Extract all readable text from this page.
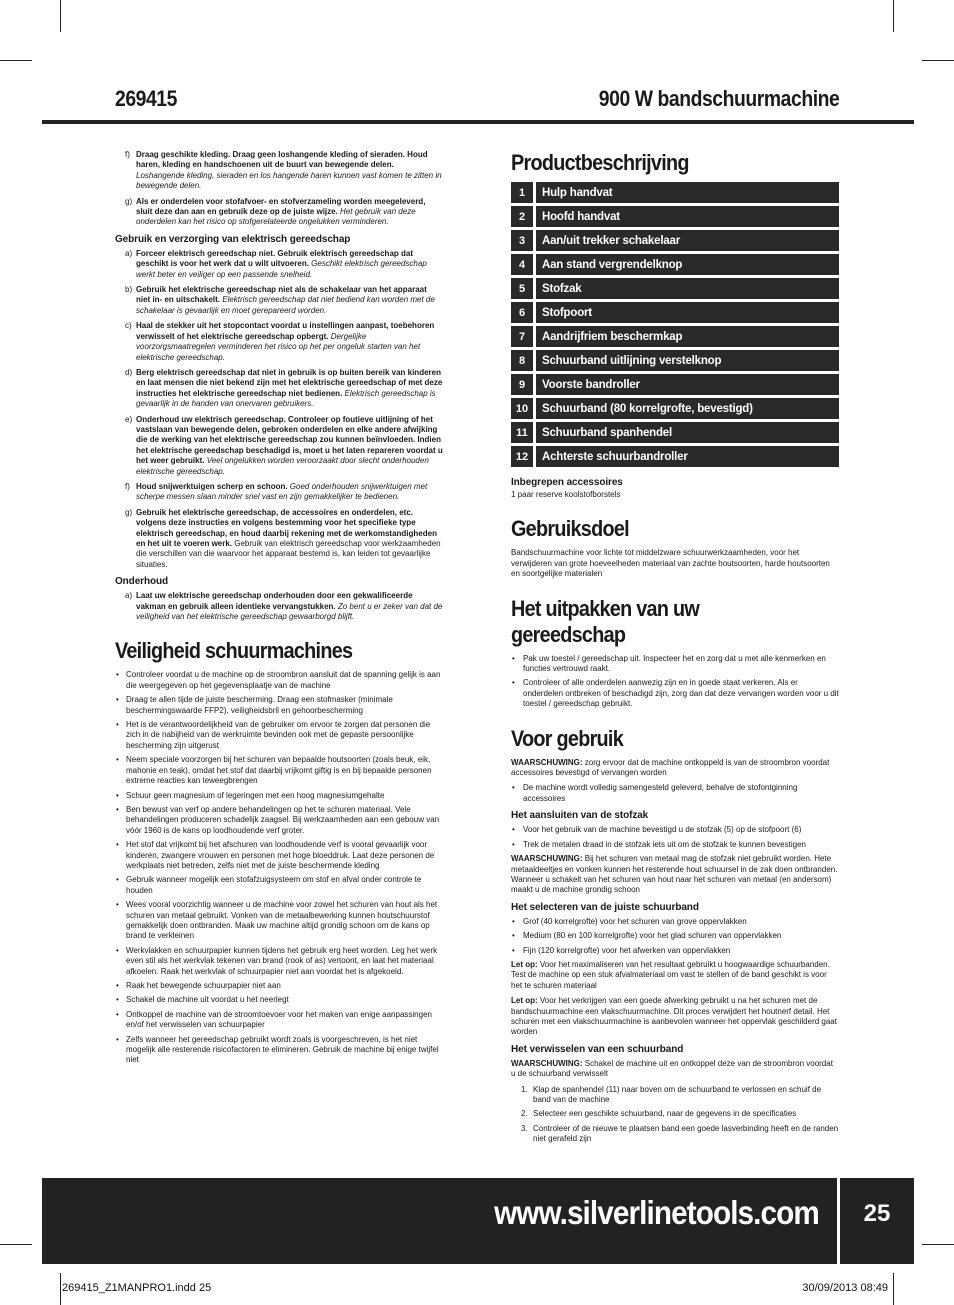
269415	900 W bandschuurmachine
f) Draag geschikte kleding. Draag geen loshangende kleding of sieraden. Houd haren, kleding en handschoenen uit de buurt van bewegende delen. Loshangende kleding, sieraden en los hangende haren kunnen vast komen te zitten in bewegende delen.
g) Als er onderdelen voor stofafvoer- en stofverzameling worden meegeleverd, sluit deze dan aan en gebruik deze op de juiste wijze. Het gebruik van deze onderdelen kan het risico op stofgerelateerde ongelukken verminderen.
Gebruik en verzorging van elektrisch gereedschap
a) Forceer elektrisch gereedschap niet. Gebruik elektrisch gereedschap dat geschikt is voor het werk dat u wilt uitvoeren. Geschikt elektrisch gereedschap werkt beter en veiliger op een passende snelheid.
b) Gebruik het elektrische gereedschap niet als de schakelaar van het apparaat niet in- en uitschakelt. Elektrisch gereedschap dat niet bediend kan worden met de schakelaar is gevaarlijk en moet gerepareerd worden.
c) Haal de stekker uit het stopcontact voordat u instellingen aanpast, toebehoren verwisselt of het elektrische gereedschap opbergt. Dergelijke voorzorgsmaatregelen verminderen het risico op het per ongeluk starten van het elektrische gereedschap.
d) Berg elektrisch gereedschap dat niet in gebruik is op buiten bereik van kinderen en laat mensen die niet bekend zijn met het elektrische gereedschap of met deze instructies het elektrische gereedschap niet bedienen. Elektrisch gereedschap is gevaarlijk in de handen van onervaren gebruikers.
e) Onderhoud uw elektrisch gereedschap. Controleer op foutieve uitlijning of het vastslaan van bewegende delen, gebroken onderdelen en elke andere afwijking die de werking van het elektrische gereedschap zou kunnen beïnvloeden. Indien het elektrische gereedschap beschadigd is, moet u het laten repareren voordat u het weer gebruikt. Veel ongelukken worden veroorzaakt door slecht onderhouden elektrische gereedschap.
f) Houd snijwerktuigen scherp en schoon. Goed onderhouden snijwerktuigen met scherpe messen slaan minder snel vast en zijn gemakkelijker te bedienen.
g) Gebruik het elektrische gereedschap, de accessoires en onderdelen, etc. volgens deze instructies en volgens bestemming voor het specifieke type elektrisch gereedschap, en houd daarbij rekening met de werkomstandigheden en het uit te voeren werk. Gebruik van elektrisch gereedschap voor werkzaamheden die verschillen van die waarvoor het apparaat bestemd is, kan leiden tot gevaarlijke situaties.
Onderhoud
a) Laat uw elektrische gereedschap onderhouden door een gekwalificeerde vakman en gebruik alleen identieke vervangstukken. Zo bent u er zeker van dat de veiligheid van het elektrische gereedschap gewaarborgd blijft.
Veiligheid schuurmachines
• Controleer voordat u de machine op de stroombron aansluit dat de spanning gelijk is aan die weergegeven op het gegevensplaatje van de machine
• Draag te allen tijde de juiste bescherming. Draag een stofmasker (minimale beschermingswaarde FFP2), veiligheidsbril en gehoorbescherming
• Het is de verantwoordelijkheid van de gebruiker om ervoor te zorgen dat personen die zich in de nabijheid van de werkruimte bevinden ook met de gepaste persoonlijke bescherming zijn uitgerust
• Neem speciale voorzorgen bij het schuren van bepaalde houtsoorten (zoals beuk, eik, mahonie en teak), omdat het stof dat daarbij vrijkomt giftig is en bij bepaalde personen extreme reacties kan teweegbrengen
• Schuur geen magnesium of legeringen met een hoog magnesiumgehalte
• Ben bewust van verf op andere behandelingen op het te schuren materiaal. Vele behandelingen produceren schadelijk zaagsel. Bij werkzaamheden aan een gebouw van vóór 1960 is de kans op loodhoudende verf groter.
• Het stof dat vrijkomt bij het afschuren van loodhoudende verf is vooral gevaarlijk voor kinderen, zwangere vrouwen en personen met hoge bloeddruk. Laat deze personen de werkplaats niet betreden, zelfs niet met de juiste beschermende kleding
• Gebruik wanneer mogelijk een stofafzuigsysteem om stof en afval onder controle te houden
• Wees vooral voorzichtig wanneer u de machine voor zowel het schuren van hout als het schuren van metaal gebruikt. Vonken van de metaalbewerking kunnen houtschuurstof gemakkelijk doen ontbranden. Maak uw machine altijd grondig schoon om de kans op brand te verkleinen
• Werkvlakken en schuurpapier kunnen tijdens het gebruik erg heet worden. Leg het werk even stil als het werkvlak tekenen van brand (rook of as) vertoont, en laat het materiaal afkoelen. Raak het werkvlak of schuurpapier niet aan voordat het is afgekoeld.
• Raak het bewegende schuurpapier niet aan
• Schakel de machine uit voordat u het neerlegt
• Ontkoppel de machine van de stroomtoevoer voor het maken van enige aanpassingen en/of het verwisselen van schuurpapier
• Zelfs wanneer het gereedschap gebruikt wordt zoals is voorgeschreven, is het niet mogelijk alle resterende risicofactoren te elimineren. Gebruik de machine bij enige twijfel niet
Productbeschrijving
1	Hulp handvat
2	Hoofd handvat
3	Aan/uit trekker schakelaar
4	Aan stand vergrendelknop
5	Stofzak
6	Stofpoort
7	Aandrijfriem beschermkap
8	Schuurband uitlijning verstelknop
9	Voorste bandroller
10	Schuurband (80 korrelgrofte, bevestigd)
11	Schuurband spanhendel
12	Achterste schuurbandroller
Inbegrepen accessoires
1 paar reserve koolstofborstels
Gebruiksdoel
Bandschuurmachine voor lichte tot middelzware schuurwerkzaamheden, voor het verwijderen van grote hoeveelheden materiaal van zachte houtsoorten, harde houtsoorten en soortgelijke materialen
Het uitpakken van uw
gereedschap
• Pak uw toestel / gereedschap uit. Inspecteer het en zorg dat u met alle kenmerken en functies vertrouwd raakt.
• Controleer of alle onderdelen aanwezig zijn en in goede staat verkeren. Als er onderdelen ontbreken of beschadigd zijn, zorg dan dat deze vervangen worden voor u dit toestel / gereedschap gebruikt.
Voor gebruik
WAARSCHUWING: zorg ervoor dat de machine ontkoppeld is van de stroombron voordat accessoires bevestigd of vervangen worden
• De machine wordt volledig samengesteld geleverd, behalve de stofontginning accessoires
Het aansluiten van de stofzak
• Voor het gebruik van de machine bevestigd u de stofzak (5) op de stofpoort (6)
• Trek de metalen draad in de stofzak iets uit om de stofzak te kunnen bevestigen
WAARSCHUWING: Bij het schuren van metaal mag de stofzak niet gebruikt worden. Hete metaaldeeltjes en vonken kunnen het resterende hout schuursel in de zak doen ontbranden. Wanneer u schakelt van het schuren van hout naar het schuren van metaal (en andersom) maakt u de machine grondig schoon
Het selecteren van de juiste schuurband
• Grof (40 korrelgrofte) voor het schuren van grove oppervlakken
• Medium (80 en 100 korrelgrofte) voor het glad schuren van oppervlakken
• Fijn (120 korrelgrofte) voor het afwerken van oppervlakken
Let op: Voor het maximaliseren van het resultaat gebruikt u hoogwaardige schuurbanden. Test de machine op een stuk afvalmateriaal om vast te stellen of de band geschikt is voor het te schuren materiaal
Let op: Voor het verkrijgen van een goede afwerking gebruikt u na het schuren met de bandschuurmachine een vlakschuurmachine. Dit proces verwijdert het houtnerf detail. Het schuren met een vlakschuurmachine is aanbevolen wanneer het oppervlak geschilderd gaat worden
Het verwisselen van een schuurband
WAARSCHUWING: Schakel de machine uit en ontkoppel deze van de stroombron voordat u de schuurband verwisselt
1. Klap de spanhendel (11) naar boven om de schuurband te verlossen en schuif de band van de machine
2. Selecteer een geschikte schuurband, naar de gegevens in de specificaties
3. Controleer of de nieuwe te plaatsen band een goede lasverbinding heeft en de randen niet gerafeld zijn
www.silverlinetools.com	25
269415_Z1MANPRO1.indd 25	30/09/2013 08:49
